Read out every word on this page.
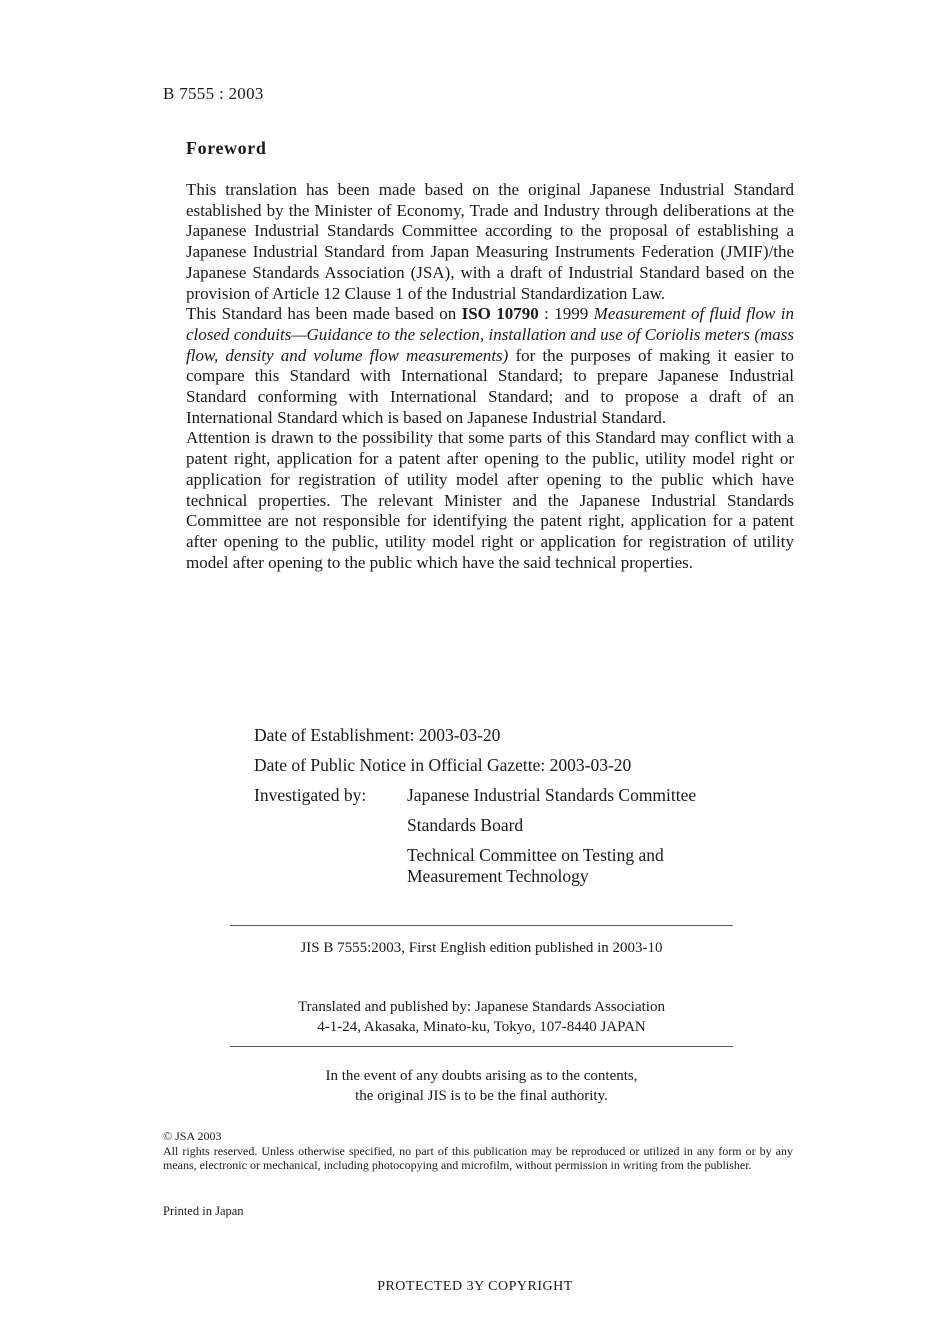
B 7555 : 2003
Foreword

This translation has been made based on the original Japanese Industrial Standard established by the Minister of Economy, Trade and Industry through deliberations at the Japanese Industrial Standards Committee according to the proposal of establishing a Japanese Industrial Standard from Japan Measuring Instruments Federation (JMIF)/the Japanese Standards Association (JSA), with a draft of Industrial Standard based on the provision of Article 12 Clause 1 of the Industrial Standardization Law.

This Standard has been made based on ISO 10790 : 1999 Measurement of fluid flow in closed conduits—Guidance to the selection, installation and use of Coriolis meters (mass flow, density and volume flow measurements) for the purposes of making it easier to compare this Standard with International Standard; to prepare Japanese Industrial Standard conforming with International Standard; and to propose a draft of an International Standard which is based on Japanese Industrial Standard.

Attention is drawn to the possibility that some parts of this Standard may conflict with a patent right, application for a patent after opening to the public, utility model right or application for registration of utility model after opening to the public which have technical properties. The relevant Minister and the Japanese Industrial Standards Committee are not responsible for identifying the patent right, application for a patent after opening to the public, utility model right or application for registration of utility model after opening to the public which have the said technical properties.

Date of Establishment: 2003-03-20
Date of Public Notice in Official Gazette: 2003-03-20
Investigated by: Japanese Industrial Standards Committee
Standards Board
Technical Committee on Testing and Measurement Technology
JIS B 7555:2003, First English edition published in 2003-10
Translated and published by: Japanese Standards Association
4-1-24, Akasaka, Minato-ku, Tokyo, 107-8440 JAPAN
In the event of any doubts arising as to the contents,
the original JIS is to be the final authority.
© JSA 2003
All rights reserved. Unless otherwise specified, no part of this publication may be reproduced or utilized in any form or by any means, electronic or mechanical, including photocopying and microfilm, without permission in writing from the publisher.
Printed in Japan
PROTECTED 3Y COPYRIGHT
